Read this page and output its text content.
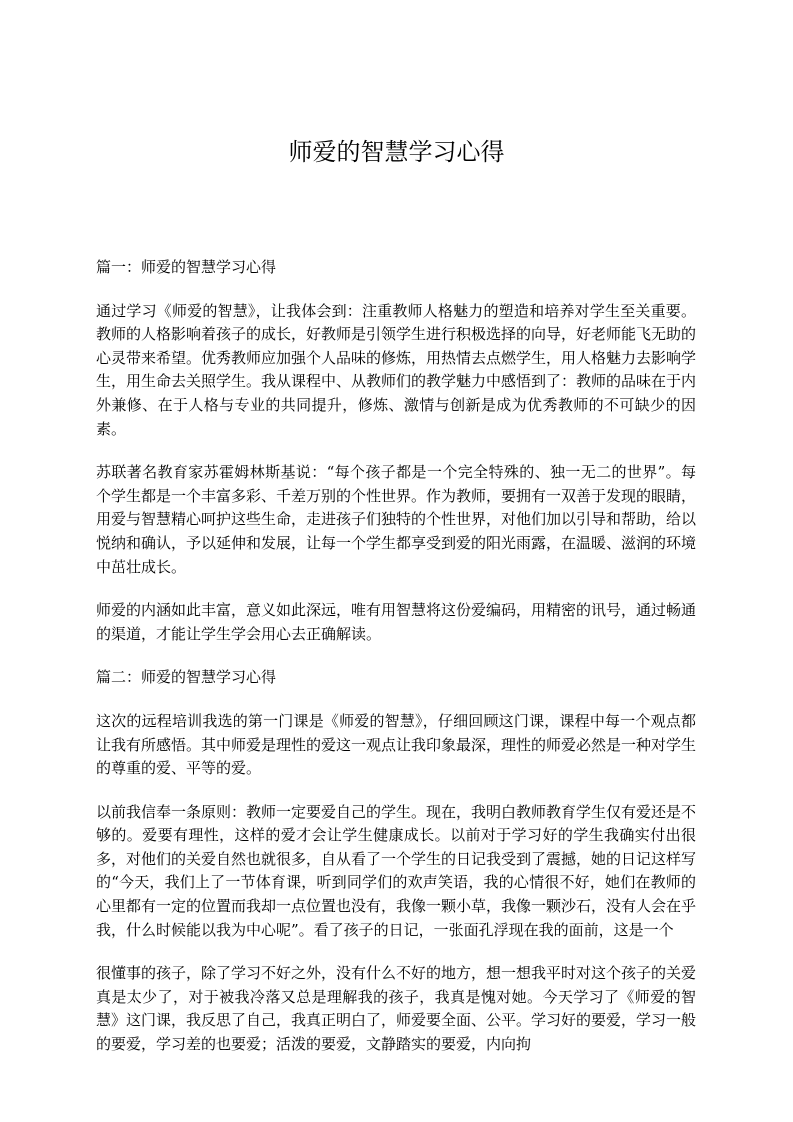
师爱的智慧学习心得

篇一：师爱的智慧学习心得

通过学习《师爱的智慧》，让我体会到：注重教师人格魅力的塑造和培养对学生至关重要。教师的人格影响着孩子的成长，好教师是引领学生进行积极选择的向导，好老师能飞无助的心灵带来希望。优秀教师应加强个人品味的修炼，用热情去点燃学生，用人格魅力去影响学生，用生命去关照学生。我从课程中、从教师们的教学魅力中感悟到了：教师的品味在于内外兼修、在于人格与专业的共同提升，修炼、激情与创新是成为优秀教师的不可缺少的因素。

苏联著名教育家苏霍姆林斯基说：“每个孩子都是一个完全特殊的、独一无二的世界”。每个学生都是一个丰富多彩、千差万别的个性世界。作为教师，要拥有一双善于发现的眼睛，用爱与智慧精心呵护这些生命，走进孩子们独特的个性世界，对他们加以引导和帮助，给以悦纳和确认，予以延伸和发展，让每一个学生都享受到爱的阳光雨露，在温暖、滋润的环境中茁壮成长。

师爱的内涵如此丰富，意义如此深远，唯有用智慧将这份爱编码，用精密的讯号，通过畅通的渠道，才能让学生学会用心去正确解读。

篇二：师爱的智慧学习心得

这次的远程培训我选的第一门课是《师爱的智慧》，仔细回顾这门课，课程中每一个观点都让我有所感悟。其中师爱是理性的爱这一观点让我印象最深，理性的师爱必然是一种对学生的尊重的爱、平等的爱。

以前我信奉一条原则：教师一定要爱自己的学生。现在，我明白教师教育学生仅有爱还是不够的。爱要有理性，这样的爱才会让学生健康成长。以前对于学习好的学生我确实付出很多，对他们的关爱自然也就很多，自从看了一个学生的日记我受到了震撼，她的日记这样写的“今天，我们上了一节体育课，听到同学们的欢声笑语，我的心情很不好，她们在教师的心里都有一定的位置而我却一点位置也没有，我像一颗小草，我像一颗沙石，没有人会在乎我，什么时候能以我为中心呢”。看了孩子的日记，一张面孔浮现在我的面前，这是一个

很懂事的孩子，除了学习不好之外，没有什么不好的地方，想一想我平时对这个孩子的关爱真是太少了，对于被我冷落又总是理解我的孩子，我真是愧对她。今天学习了《师爱的智慧》这门课，我反思了自己，我真正明白了，师爱要全面、公平。学习好的要爱，学习一般的要爱，学习差的也要爱；活泼的要爱，文静踏实的要爱，内向拘
